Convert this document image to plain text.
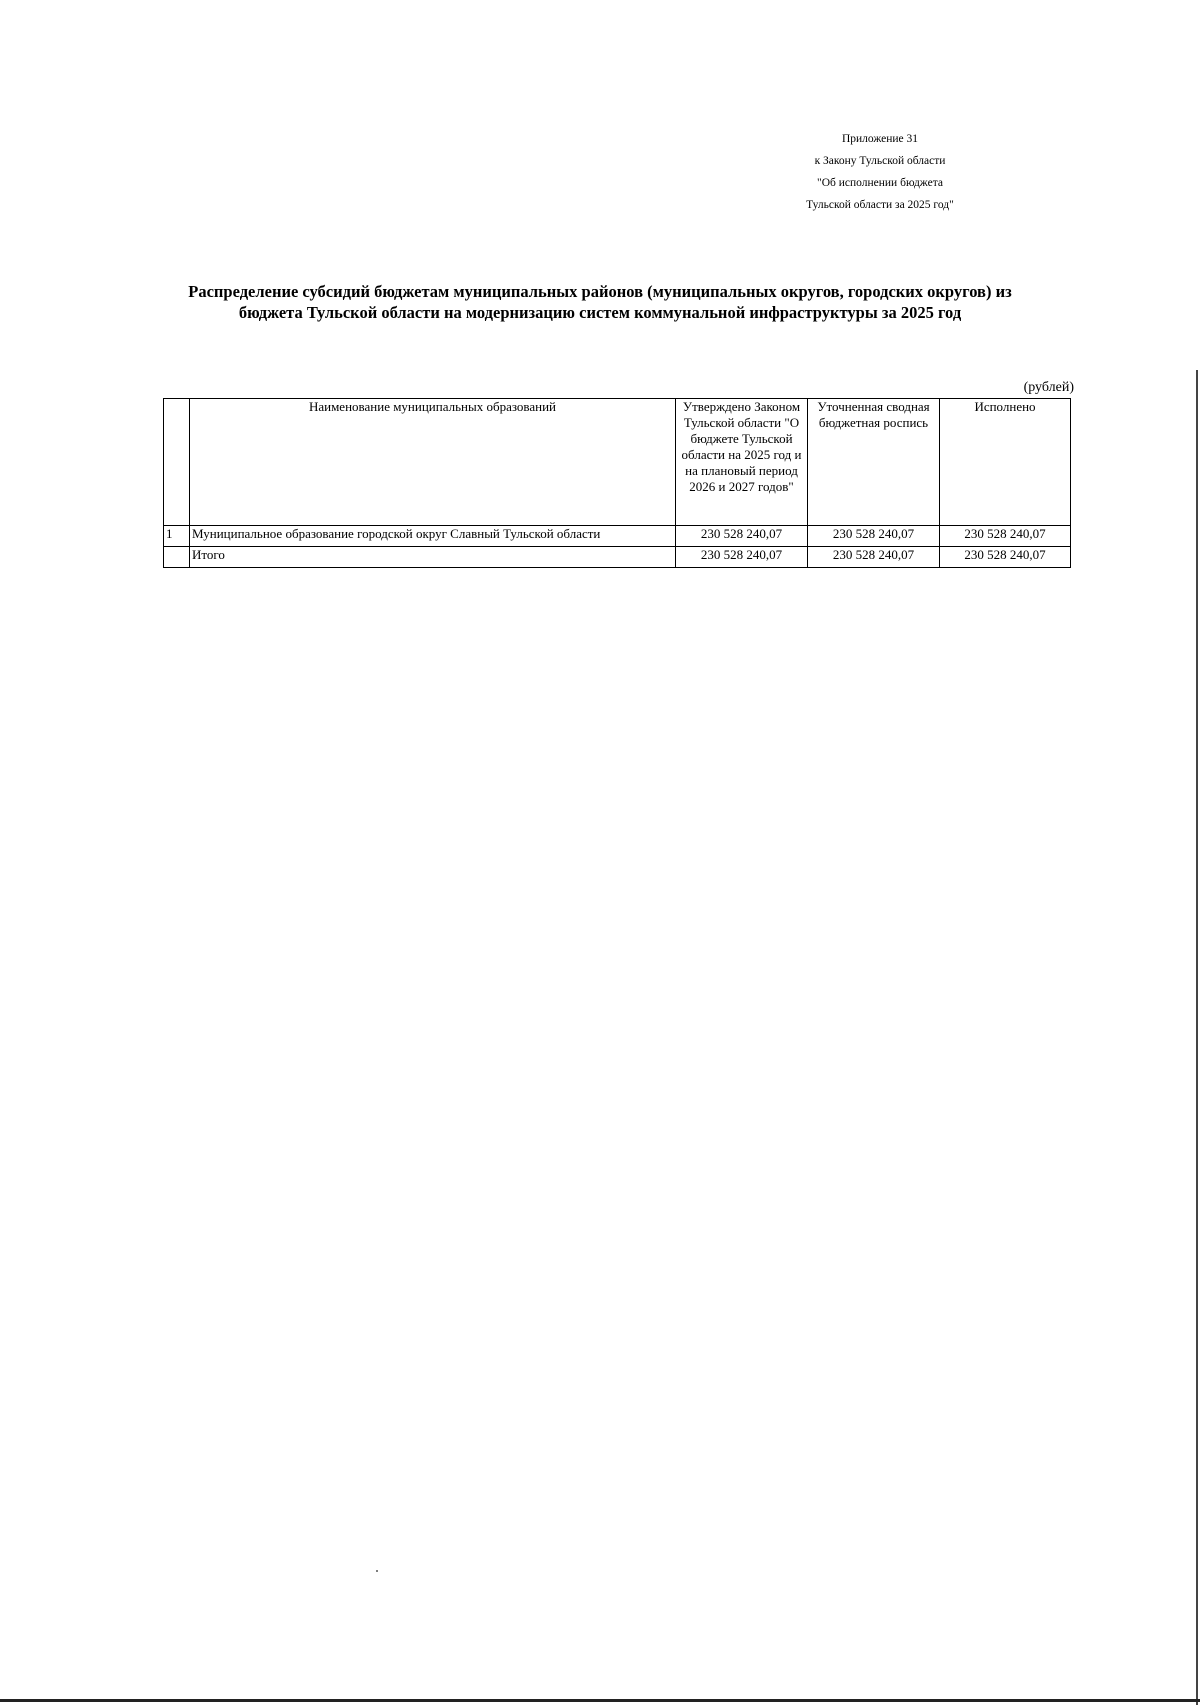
Приложение 31
к Закону Тульской области
"Об исполнении бюджета
Тульской области за 2025 год"
Распределение субсидий бюджетам муниципальных районов (муниципальных округов, городских округов) из
бюджета Тульской области на модернизацию систем коммунальной инфраструктуры за 2025 год
(рублей)
	Наименование муниципальных образований	Утверждено Законом Тульской области "О бюджете Тульской области на 2025 год и на плановый период 2026 и 2027 годов"	Уточненная сводная бюджетная роспись	Исполнено
1	Муниципальное образование городской округ Славный Тульской области	230 528 240,07	230 528 240,07	230 528 240,07
	Итого	230 528 240,07	230 528 240,07	230 528 240,07
